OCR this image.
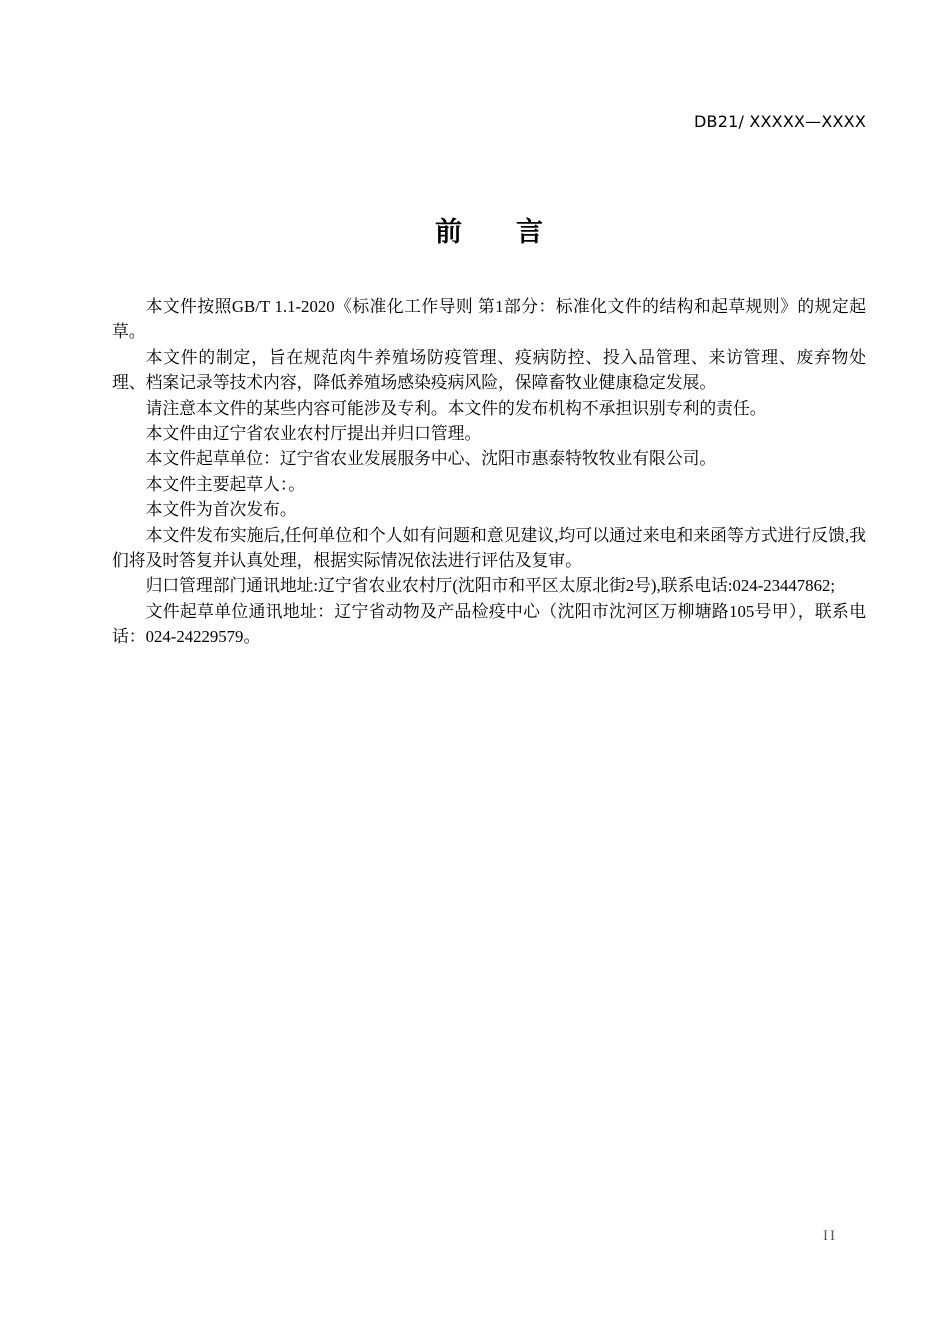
DB21/ XXXXX—XXXX
前　　言

本文件按照GB/T 1.1-2020《标准化工作导则 第1部分：标准化文件的结构和起草规则》的规定起草。

本文件的制定，旨在规范肉牛养殖场防疫管理、疫病防控、投入品管理、来访管理、废弃物处理、档案记录等技术内容，降低养殖场感染疫病风险，保障畜牧业健康稳定发展。

请注意本文件的某些内容可能涉及专利。本文件的发布机构不承担识别专利的责任。

本文件由辽宁省农业农村厅提出并归口管理。

本文件起草单位：辽宁省农业发展服务中心、沈阳市惠泰特牧牧业有限公司。

本文件主要起草人：。

本文件为首次发布。

本文件发布实施后,任何单位和个人如有问题和意见建议,均可以通过来电和来函等方式进行反馈,我们将及时答复并认真处理，根据实际情况依法进行评估及复审。

归口管理部门通讯地址:辽宁省农业农村厅(沈阳市和平区太原北街2号),联系电话:024-23447862;

文件起草单位通讯地址：辽宁省动物及产品检疫中心（沈阳市沈河区万柳塘路105号甲），联系电话：024-24229579。

II
